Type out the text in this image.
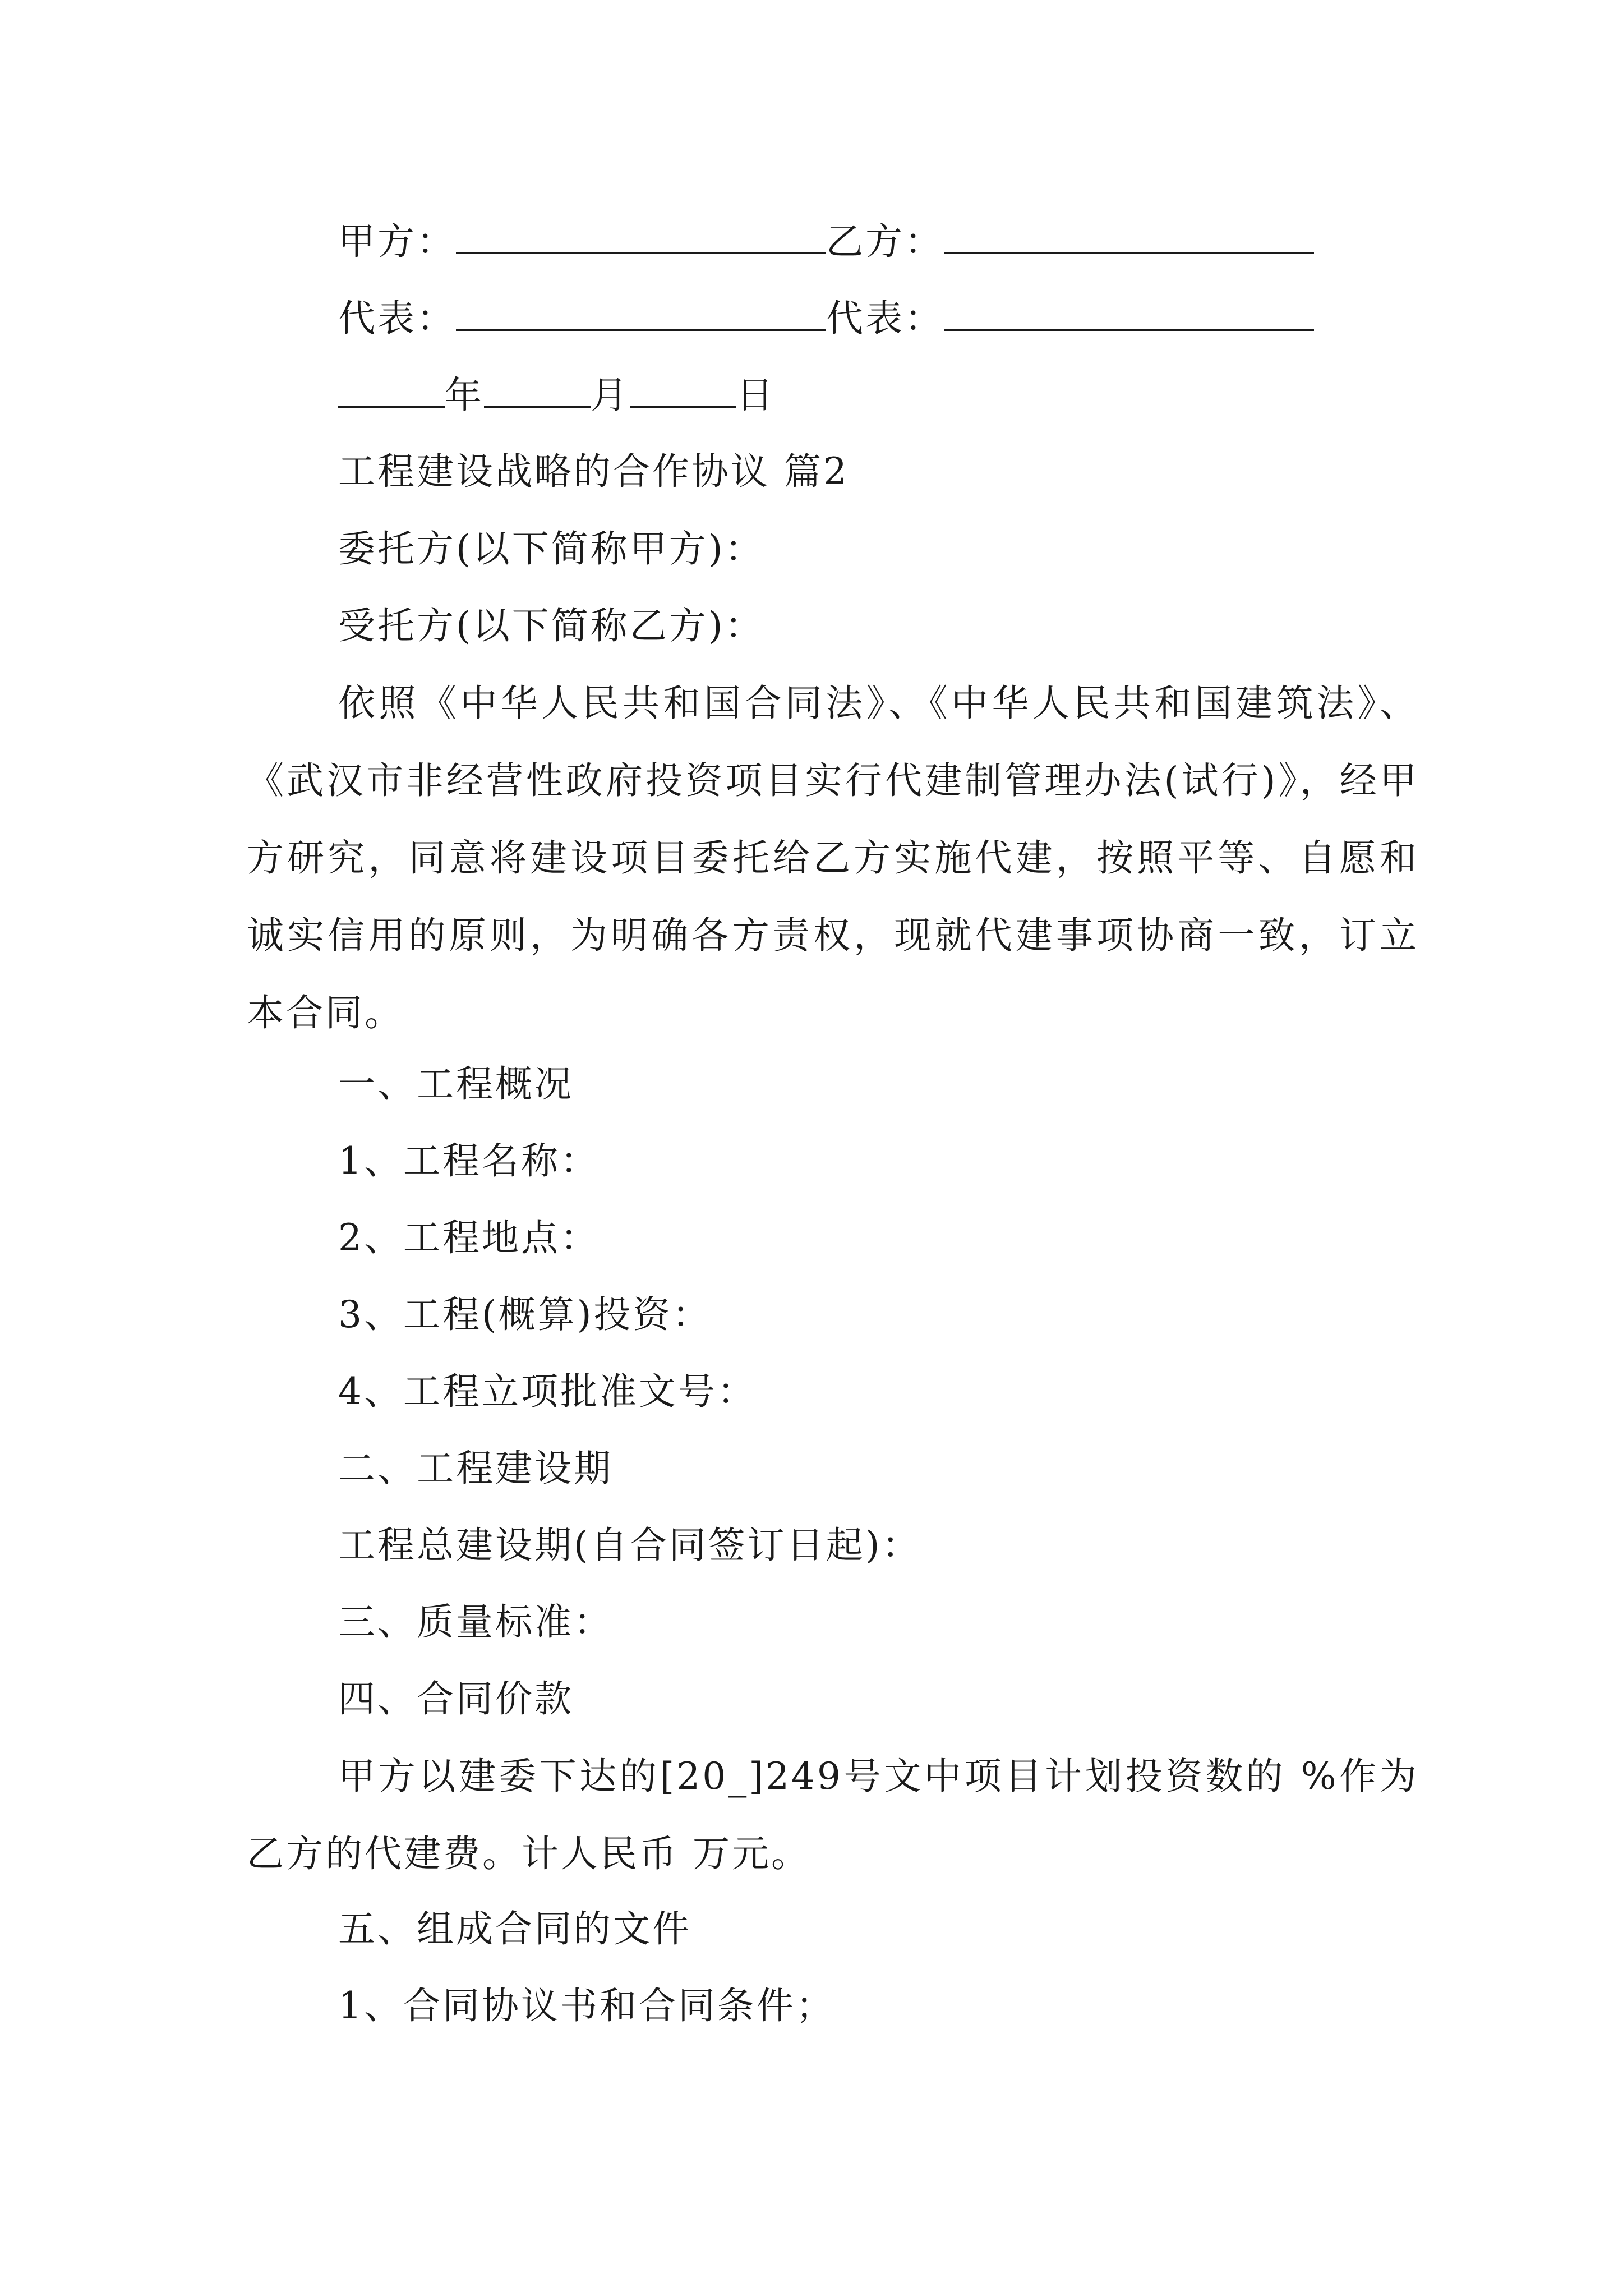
甲方：	乙方：
代表：	代表：
年	月	日
工程建设战略的合作协议 篇2
委托方(以下简称甲方)：
受托方(以下简称乙方)：
依照《中华人民共和国合同法》、《中华人民共和国建筑法》、《武汉市非经营性政府投资项目实行代建制管理办法(试行)》，经甲方研究，同意将建设项目委托给乙方实施代建，按照平等、自愿和诚实信用的原则，为明确各方责权，现就代建事项协商一致，订立本合同。
一、工程概况
1、工程名称：
2、工程地点：
3、工程(概算)投资：
4、工程立项批准文号：
二、工程建设期
工程总建设期(自合同签订日起)：
三、质量标准：
四、合同价款
甲方以建委下达的[20_]249号文中项目计划投资数的 %作为乙方的代建费。计人民币 万元。
五、组成合同的文件
1、合同协议书和合同条件；
